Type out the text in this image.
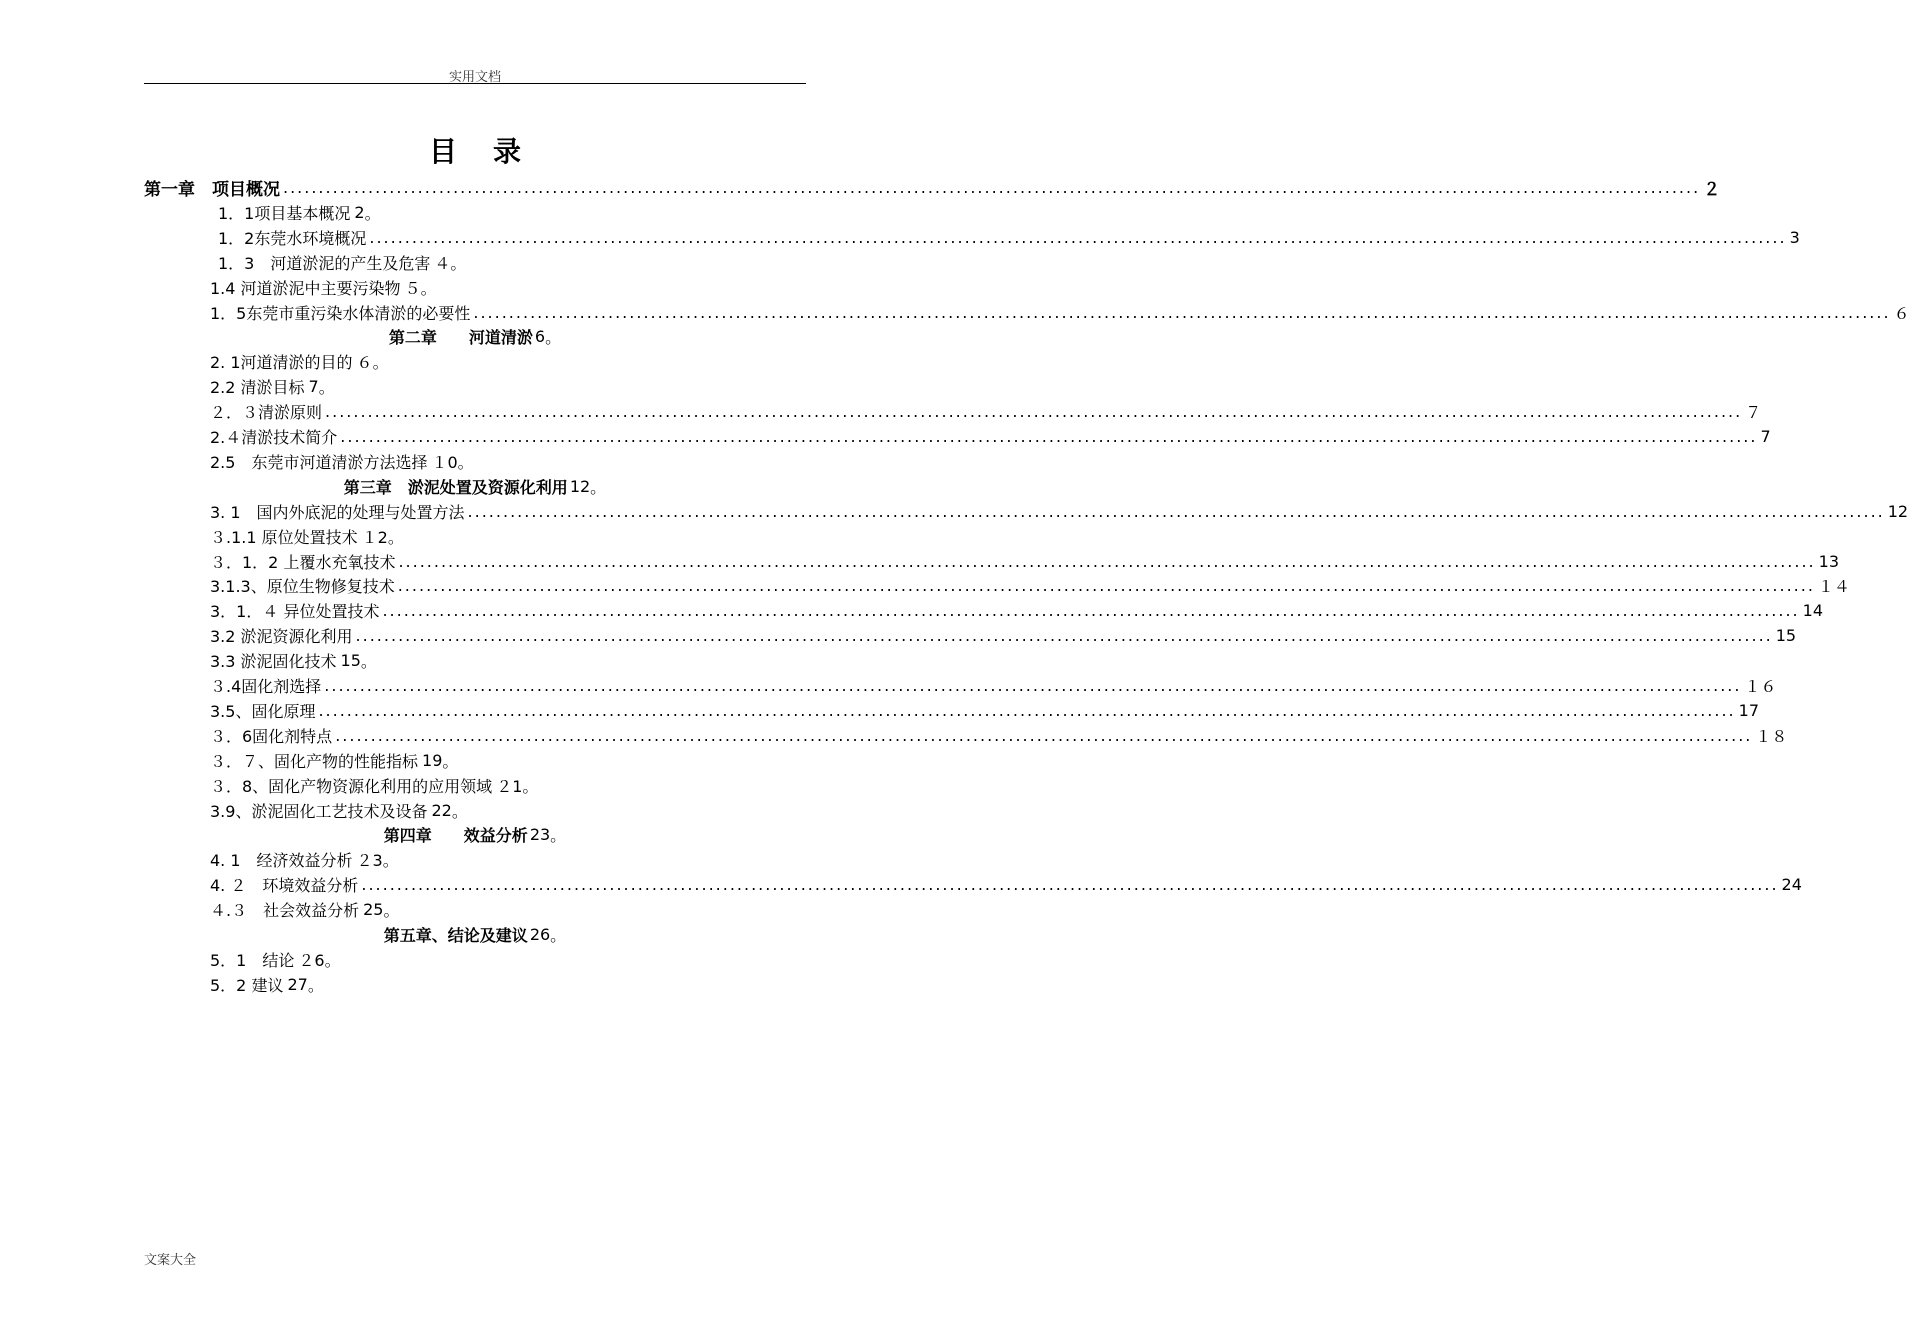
实用文档
目录
第一章　项目概况 ........................................................................................................................................................................................................ ２
1．1项目基本概况 2 。
1．2东莞水环境概况 ........................................................................................................................................................................................................ 3
1．3　河道淤泥的产生及危害 ４ 。
1.4 河道淤泥中主要污染物 ５ 。
1．5东莞市重污染水体清淤的必要性 ........................................................................................................................................................................................................ ６
第二章　　河道清淤 6 。
2. 1河道清淤的目的 ６ 。
2.2 清淤目标 7 。
２．３清淤原则 ........................................................................................................................................................................................................ ７
2.４清淤技术简介 ........................................................................................................................................................................................................ 7
2.5　东莞市河道清淤方法选择 １0 。
第三章　淤泥处置及资源化利用 12 。
3. 1　国内外底泥的处理与处置方法 ........................................................................................................................................................................................................ 12
３.1.1 原位处置技术 １2 。
３．1．2 上覆水充氧技术 ........................................................................................................................................................................................................ 13
3.1.3、原位生物修复技术 ........................................................................................................................................................................................................ １４
3．1．４ 异位处置技术 ........................................................................................................................................................................................................ 14
3.2 淤泥资源化利用 ........................................................................................................................................................................................................ 15
3.3 淤泥固化技术 15 。
３.4固化剂选择 ........................................................................................................................................................................................................ １６
3.5、固化原理 ........................................................................................................................................................................................................ 17
３．6固化剂特点 ........................................................................................................................................................................................................ １８
３．７、固化产物的性能指标 19 。
３．8、固化产物资源化利用的应用领域 ２1 。
3.9、淤泥固化工艺技术及设备 22 。
第四章　　效益分析 23 。
4. 1　经济效益分析 ２3 。
4. ２　环境效益分析 ........................................................................................................................................................................................................ 24
４.３　社会效益分析 25 。
第五章、结论及建议 26 。
5．1　结论 ２6 。
5．2 建议 27 。
文案大全
